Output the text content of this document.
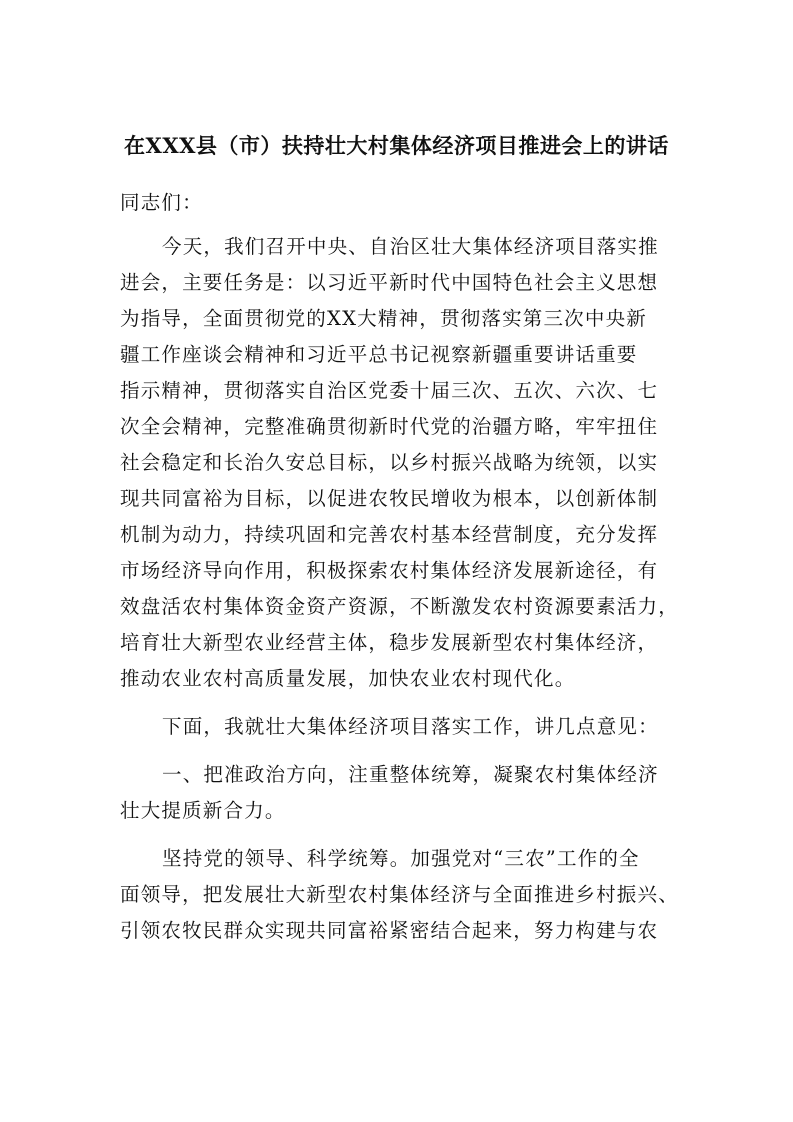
在XXX县（市）扶持壮大村集体经济项目推进会上的讲话
同志们：
今天，我们召开中央、自治区壮大集体经济项目落实推
进会，主要任务是：以习近平新时代中国特色社会主义思想
为指导，全面贯彻党的XX大精神，贯彻落实第三次中央新
疆工作座谈会精神和习近平总书记视察新疆重要讲话重要
指示精神，贯彻落实自治区党委十届三次、五次、六次、七
次全会精神，完整准确贯彻新时代党的治疆方略，牢牢扭住
社会稳定和长治久安总目标，以乡村振兴战略为统领，以实
现共同富裕为目标，以促进农牧民增收为根本，以创新体制
机制为动力，持续巩固和完善农村基本经营制度，充分发挥
市场经济导向作用，积极探索农村集体经济发展新途径，有
效盘活农村集体资金资产资源，不断激发农村资源要素活力，
培育壮大新型农业经营主体，稳步发展新型农村集体经济，
推动农业农村高质量发展，加快农业农村现代化。
下面，我就壮大集体经济项目落实工作，讲几点意见：
一、把准政治方向，注重整体统筹，凝聚农村集体经济
壮大提质新合力。
坚持党的领导、科学统筹。加强党对“三农”工作的全
面领导，把发展壮大新型农村集体经济与全面推进乡村振兴、
引领农牧民群众实现共同富裕紧密结合起来，努力构建与农
